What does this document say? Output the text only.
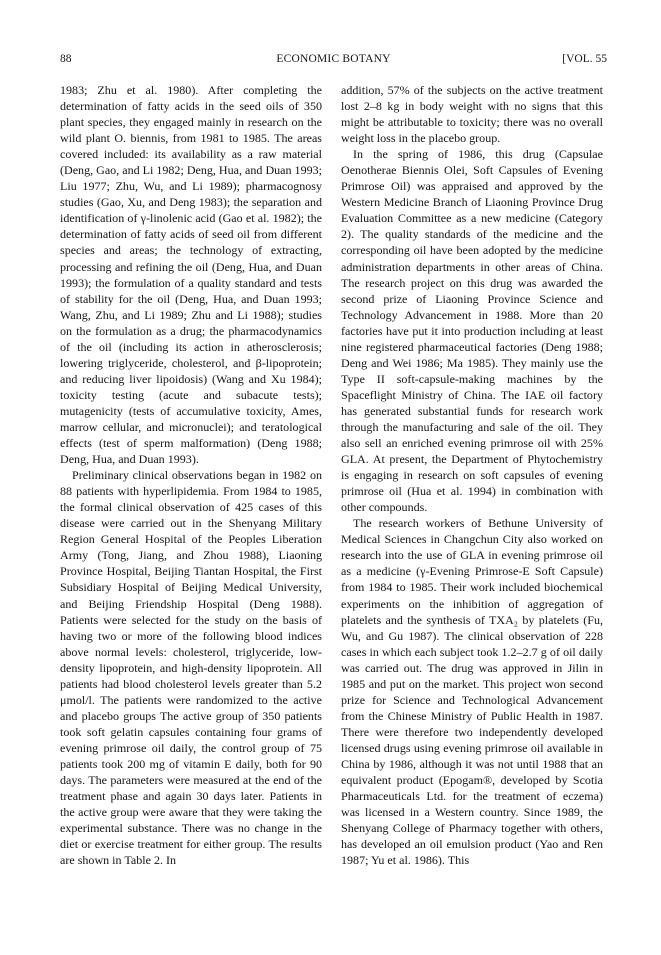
88	ECONOMIC BOTANY	[VOL. 55

1983; Zhu et al. 1980). After completing the determination of fatty acids in the seed oils of 350 plant species, they engaged mainly in research on the wild plant O. biennis, from 1981 to 1985. The areas covered included: its availability as a raw material (Deng, Gao, and Li 1982; Deng, Hua, and Duan 1993; Liu 1977; Zhu, Wu, and Li 1989); pharmacognosy studies (Gao, Xu, and Deng 1983); the separation and identification of γ-linolenic acid (Gao et al. 1982); the determination of fatty acids of seed oil from different species and areas; the technology of extracting, processing and refining the oil (Deng, Hua, and Duan 1993); the formulation of a quality standard and tests of stability for the oil (Deng, Hua, and Duan 1993; Wang, Zhu, and Li 1989; Zhu and Li 1988); studies on the formulation as a drug; the pharmacodynamics of the oil (including its action in atherosclerosis; lowering triglyceride, cholesterol, and β-lipoprotein; and reducing liver lipoidosis) (Wang and Xu 1984); toxicity testing (acute and subacute tests); mutagenicity (tests of accumulative toxicity, Ames, marrow cellular, and micronuclei); and teratological effects (test of sperm malformation) (Deng 1988; Deng, Hua, and Duan 1993).

Preliminary clinical observations began in 1982 on 88 patients with hyperlipidemia. From 1984 to 1985, the formal clinical observation of 425 cases of this disease were carried out in the Shenyang Military Region General Hospital of the Peoples Liberation Army (Tong, Jiang, and Zhou 1988), Liaoning Province Hospital, Beijing Tiantan Hospital, the First Subsidiary Hospital of Beijing Medical University, and Beijing Friendship Hospital (Deng 1988). Patients were selected for the study on the basis of having two or more of the following blood indices above normal levels: cholesterol, triglyceride, low-density lipoprotein, and high-density lipoprotein. All patients had blood cholesterol levels greater than 5.2 μmol/l. The patients were randomized to the active and placebo groups The active group of 350 patients took soft gelatin capsules containing four grams of evening primrose oil daily, the control group of 75 patients took 200 mg of vitamin E daily, both for 90 days. The parameters were measured at the end of the treatment phase and again 30 days later. Patients in the active group were aware that they were taking the experimental substance. There was no change in the diet or exercise treatment for either group. The results are shown in Table 2. In

addition, 57% of the subjects on the active treatment lost 2–8 kg in body weight with no signs that this might be attributable to toxicity; there was no overall weight loss in the placebo group.

In the spring of 1986, this drug (Capsulae Oenotherae Biennis Olei, Soft Capsules of Evening Primrose Oil) was appraised and approved by the Western Medicine Branch of Liaoning Province Drug Evaluation Committee as a new medicine (Category 2). The quality standards of the medicine and the corresponding oil have been adopted by the medicine administration departments in other areas of China. The research project on this drug was awarded the second prize of Liaoning Province Science and Technology Advancement in 1988. More than 20 factories have put it into production including at least nine registered pharmaceutical factories (Deng 1988; Deng and Wei 1986; Ma 1985). They mainly use the Type II soft-capsule-making machines by the Spaceflight Ministry of China. The IAE oil factory has generated substantial funds for research work through the manufacturing and sale of the oil. They also sell an enriched evening primrose oil with 25% GLA. At present, the Department of Phytochemistry is engaging in research on soft capsules of evening primrose oil (Hua et al. 1994) in combination with other compounds.

The research workers of Bethune University of Medical Sciences in Changchun City also worked on research into the use of GLA in evening primrose oil as a medicine (γ-Evening Primrose-E Soft Capsule) from 1984 to 1985. Their work included biochemical experiments on the inhibition of aggregation of platelets and the synthesis of TXA₂ by platelets (Fu, Wu, and Gu 1987). The clinical observation of 228 cases in which each subject took 1.2–2.7 g of oil daily was carried out. The drug was approved in Jilin in 1985 and put on the market. This project won second prize for Science and Technological Advancement from the Chinese Ministry of Public Health in 1987. There were therefore two independently developed licensed drugs using evening primrose oil available in China by 1986, although it was not until 1988 that an equivalent product (Epogam®, developed by Scotia Pharmaceuticals Ltd. for the treatment of eczema) was licensed in a Western country. Since 1989, the Shenyang College of Pharmacy together with others, has developed an oil emulsion product (Yao and Ren 1987; Yu et al. 1986). This
